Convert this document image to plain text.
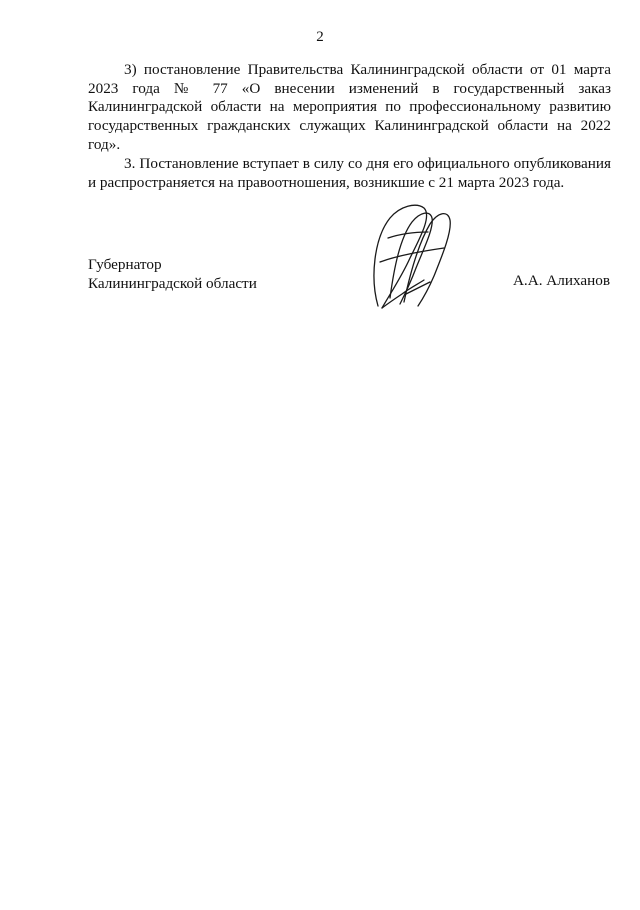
2

3) постановление Правительства Калининградской области от 01 марта 2023 года № 77 «О внесении изменений в государственный заказ Калининградской области на мероприятия по профессиональному развитию государственных гражданских служащих Калининградской области на 2022 год».

3. Постановление вступает в силу со дня его официального опубликования и распространяется на правоотношения, возникшие с 21 марта 2023 года.

Губернатор
Калининградской области	А.А. Алиханов
